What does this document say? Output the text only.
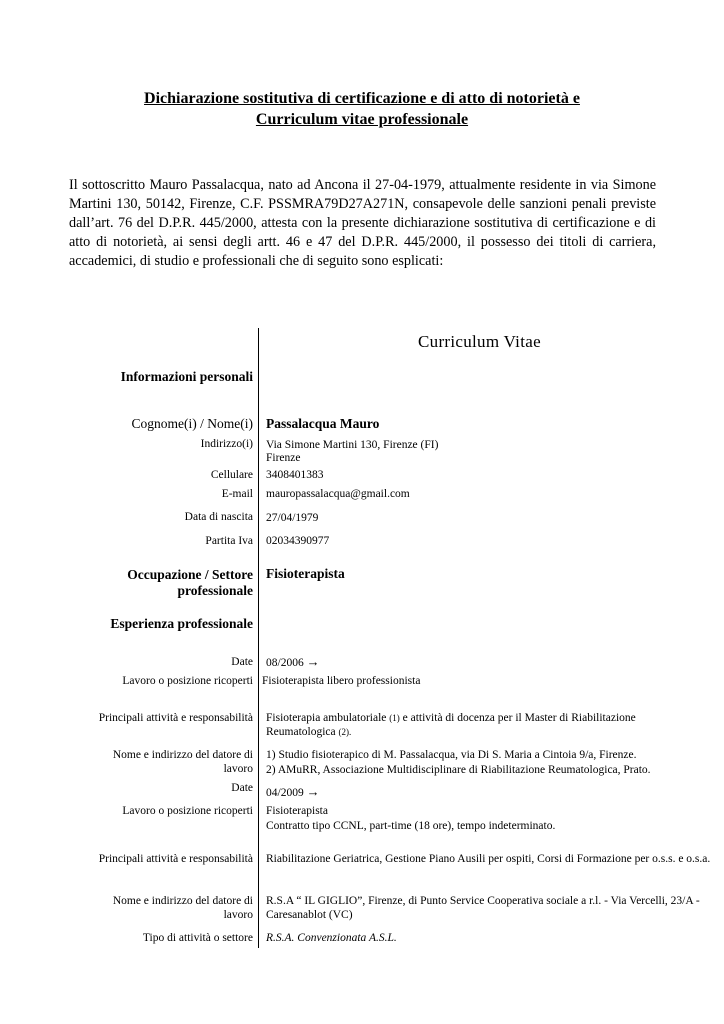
Dichiarazione sostitutiva di certificazione e di atto di notorietà e
Curriculum vitae professionale
Il sottoscritto Mauro Passalacqua, nato ad Ancona il 27-04-1979, attualmente residente in via Simone Martini 130, 50142, Firenze, C.F. PSSMRA79D27A271N, consapevole delle sanzioni penali previste dall’art. 76 del D.P.R. 445/2000, attesta con la presente dichiarazione sostitutiva di certificazione e di atto di notorietà, ai sensi degli artt. 46 e 47 del D.P.R. 445/2000, il possesso dei titoli di carriera, accademici, di studio e professionali che di seguito sono esplicati:
Curriculum Vitae
Informazioni personali
Cognome(i) / Nome(i) Passalacqua Mauro
Indirizzo(i) Via Simone Martini 130, Firenze (FI)
Firenze
Cellulare 3408401383
E-mail mauropassalacqua@gmail.com
Data di nascita 27/04/1979
Partita Iva 02034390977
Occupazione / Settore
professionale
Fisioterapista
Esperienza professionale
Date 08/2006 →
Lavoro o posizione ricoperti Fisioterapista libero professionista
Principali attività e responsabilità Fisioterapia ambulatoriale (1) e attività di docenza per il Master di Riabilitazione Reumatologica (2).
Nome e indirizzo del datore di
lavoro
1) Studio fisioterapico di M. Passalacqua, via Di S. Maria a Cintoia 9/a, Firenze.
2) AMuRR, Associazione Multidisciplinare di Riabilitazione Reumatologica, Prato.
Date 04/2009 →
Lavoro o posizione ricoperti Fisioterapista
Contratto tipo CCNL, part-time (18 ore), tempo indeterminato.
Principali attività e responsabilità Riabilitazione Geriatrica, Gestione Piano Ausili per ospiti, Corsi di Formazione per o.s.s. e o.s.a.
Nome e indirizzo del datore di
lavoro
R.S.A “ IL GIGLIO”, Firenze, di Punto Service Cooperativa sociale a r.l. - Via Vercelli, 23/A - Caresanablot (VC)
Tipo di attività o settore R.S.A. Convenzionata A.S.L.
